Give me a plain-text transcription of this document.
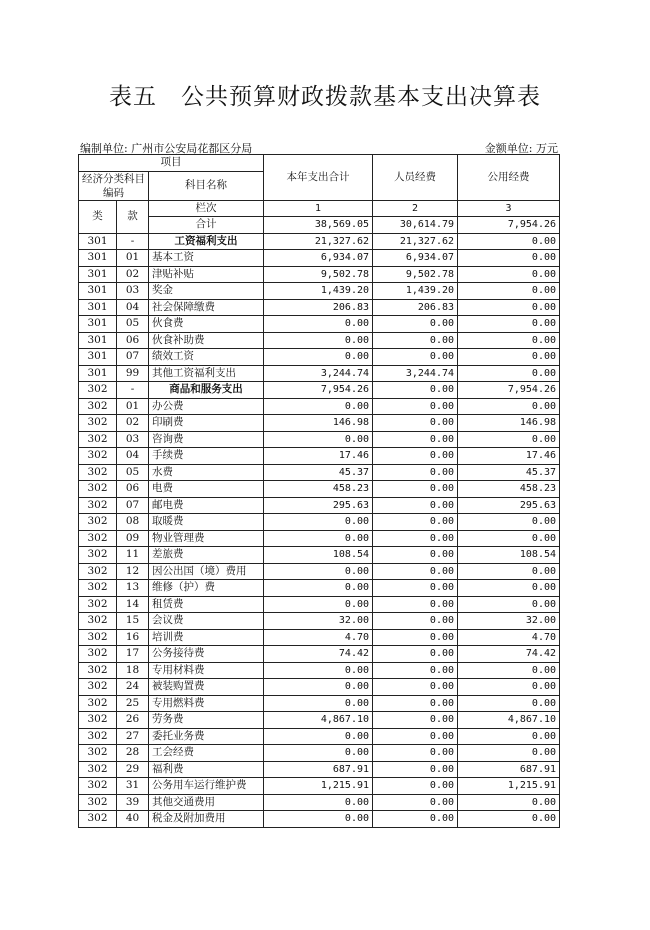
表五　公共预算财政拨款基本支出决算表
编制单位: 广州市公安局花都区分局	金额单位: 万元
项目			本年支出合计	人员经费	公用经费
经济分类科目编码		科目名称			

类	款	栏次	1	2	3
		合计	38,569.05	30,614.79	7,954.26
301	-	工资福利支出	21,327.62	21,327.62	0.00
301	01	基本工资	6,934.07	6,934.07	0.00
301	02	津贴补贴	9,502.78	9,502.78	0.00
301	03	奖金	1,439.20	1,439.20	0.00
301	04	社会保障缴费	206.83	206.83	0.00
301	05	伙食费	0.00	0.00	0.00
301	06	伙食补助费	0.00	0.00	0.00
301	07	绩效工资	0.00	0.00	0.00
301	99	其他工资福利支出	3,244.74	3,244.74	0.00
302	-	商品和服务支出	7,954.26	0.00	7,954.26
302	01	办公费	0.00	0.00	0.00
302	02	印刷费	146.98	0.00	146.98
302	03	咨询费	0.00	0.00	0.00
302	04	手续费	17.46	0.00	17.46
302	05	水费	45.37	0.00	45.37
302	06	电费	458.23	0.00	458.23
302	07	邮电费	295.63	0.00	295.63
302	08	取暖费	0.00	0.00	0.00
302	09	物业管理费	0.00	0.00	0.00
302	11	差旅费	108.54	0.00	108.54
302	12	因公出国（境）费用	0.00	0.00	0.00
302	13	维修（护）费	0.00	0.00	0.00
302	14	租赁费	0.00	0.00	0.00
302	15	会议费	32.00	0.00	32.00
302	16	培训费	4.70	0.00	4.70
302	17	公务接待费	74.42	0.00	74.42
302	18	专用材料费	0.00	0.00	0.00
302	24	被装购置费	0.00	0.00	0.00
302	25	专用燃料费	0.00	0.00	0.00
302	26	劳务费	4,867.10	0.00	4,867.10
302	27	委托业务费	0.00	0.00	0.00
302	28	工会经费	0.00	0.00	0.00
302	29	福利费	687.91	0.00	687.91
302	31	公务用车运行维护费	1,215.91	0.00	1,215.91
302	39	其他交通费用	0.00	0.00	0.00
302	40	税金及附加费用	0.00	0.00	0.00
